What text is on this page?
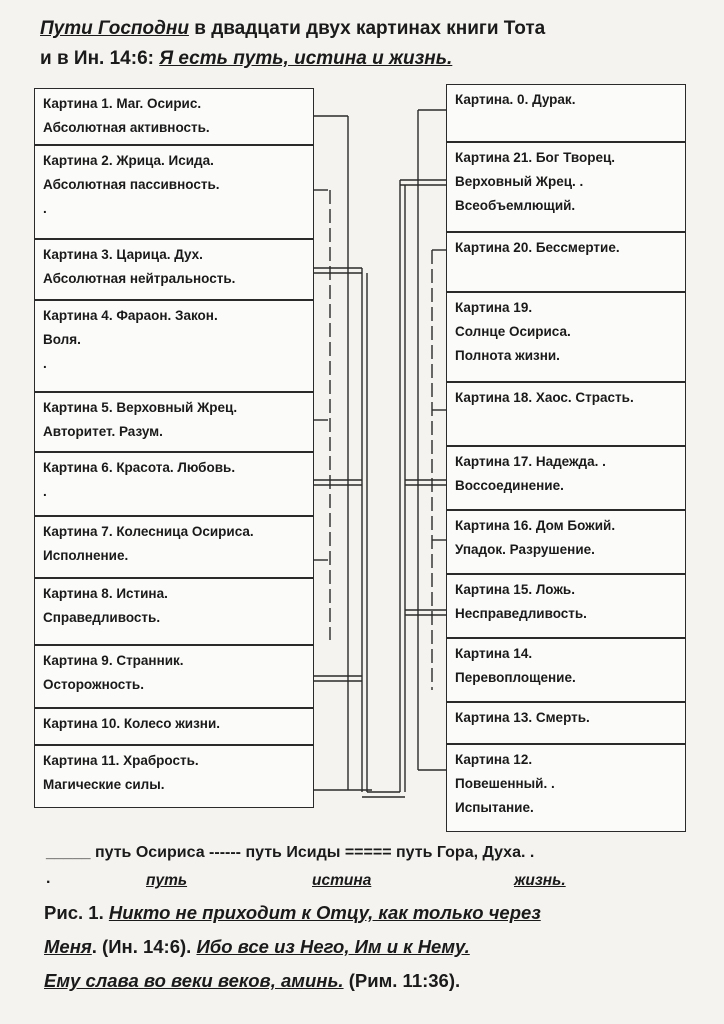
Пути Господни в двадцати двух картинах книги Тота
и в Ин. 14:6: Я есть путь, истина и жизнь.
Картина 1. Маг. Осирис.
Абсолютная активность.
Картина 2. Жрица. Исида.
Абсолютная пассивность.
.
Картина 3. Царица. Дух.
Абсолютная нейтральность.
Картина 4. Фараон. Закон.
Воля.
.
Картина 5. Верховный Жрец.
Авторитет. Разум.
Картина 6. Красота. Любовь.
.
Картина 7. Колесница Осириса.
Исполнение.
Картина 8. Истина.
Справедливость.
Картина 9. Странник.
Осторожность.
Картина 10. Колесо жизни.
Картина 11. Храбрость.
Магические силы.
Картина. 0. Дурак.
Картина 21. Бог Творец.
Верховный Жрец. .
Всеобъемлющий.
Картина 20. Бессмертие.
Картина 19.
Солнце Осириса.
Полнота жизни.
Картина 18. Хаос. Страсть.
Картина 17. Надежда. .
Воссоединение.
Картина 16. Дом Божий.
Упадок. Разрушение.
Картина 15. Ложь.
Несправедливость.
Картина 14.
Перевоплощение.
Картина 13. Смерть.
Картина 12.
Повешенный. .
Испытание.
_____ путь Осириса ------ путь Исиды ===== путь Гора, Духа. .
.	путь	истина	жизнь.
Рис. 1. Никто не приходит к Отцу, как только через
Меня. (Ин. 14:6). Ибо все из Него, Им и к Нему.
Ему слава во веки веков, аминь. (Рим. 11:36).
